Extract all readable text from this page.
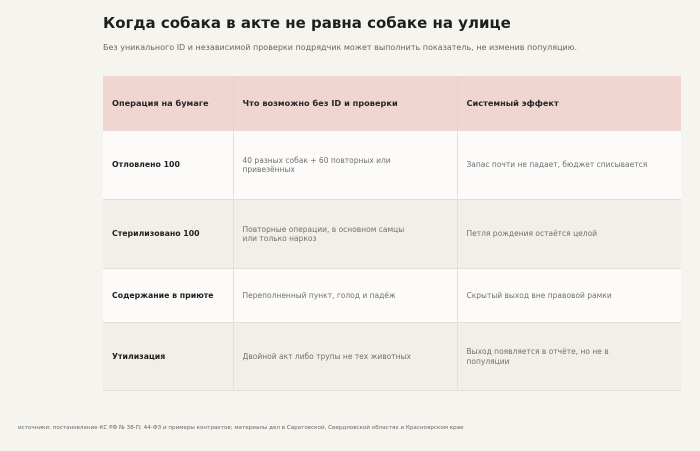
Когда собака в акте не равна собаке на улице
Без уникального ID и независимой проверки подрядчик может выполнить показатель, не изменив популяцию.
Операция на бумаге	Что возможно без ID и проверки	Системный эффект
Отловлено 100	40 разных собак + 60 повторных или привезённых	Запас почти не падает, бюджет списывается

Стерилизовано 100	Повторные операции, в основном самцы или только наркоз	Петля рождения остаётся целой

Содержание в приюте	Переполненный пункт, голод и падёж	Скрытый выход вне правовой рамки

Утилизация	Двойной акт либо трупы не тех животных	Выход появляется в отчёте, но не в популяции
источники: постановление КС РФ № 38-П; 44-ФЗ и примеры контрактов; материалы дел в Саратовской, Свердловской областях и Красноярском крае
